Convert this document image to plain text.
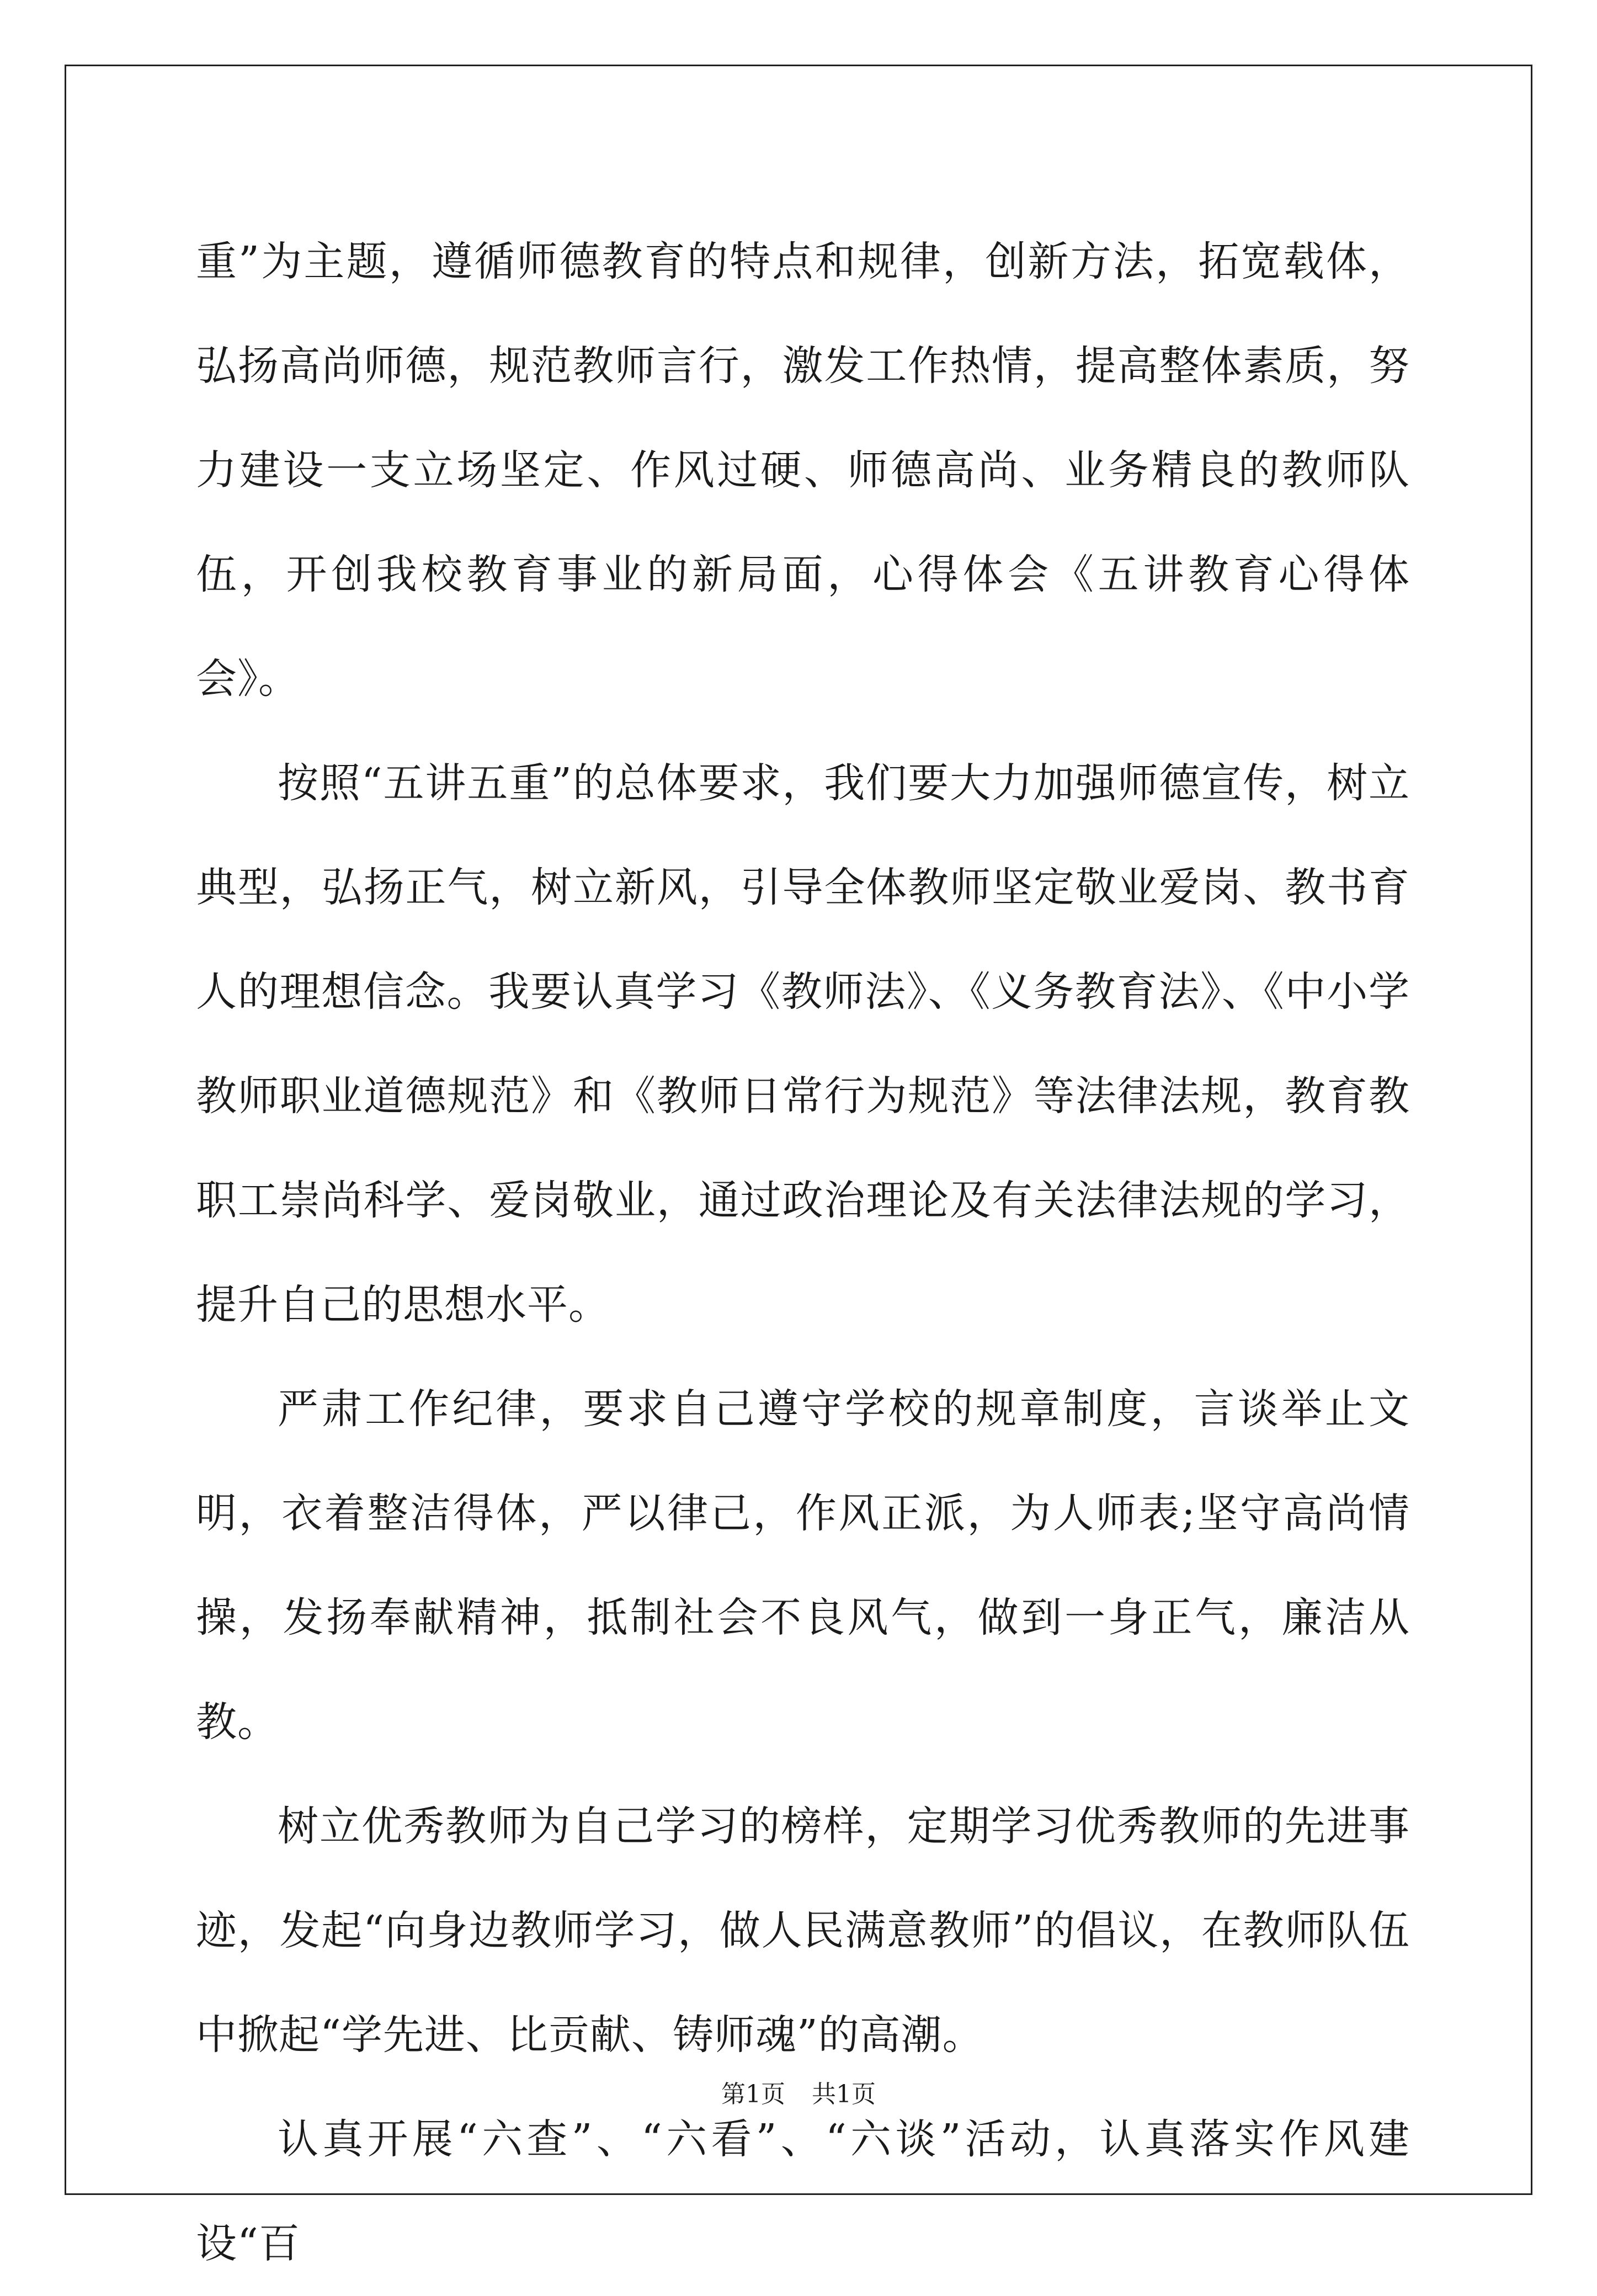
重”为主题，遵循师德教育的特点和规律，创新方法，拓宽载体，弘扬高尚师德，规范教师言行，激发工作热情，提高整体素质，努力建设一支立场坚定、作风过硬、师德高尚、业务精良的教师队伍，开创我校教育事业的新局面，心得体会《五讲教育心得体会》。

按照“五讲五重”的总体要求，我们要大力加强师德宣传，树立典型，弘扬正气，树立新风，引导全体教师坚定敬业爱岗、教书育人的理想信念。我要认真学习《教师法》、《义务教育法》、《中小学教师职业道德规范》和《教师日常行为规范》等法律法规，教育教职工崇尚科学、爱岗敬业，通过政治理论及有关法律法规的学习，提升自己的思想水平。

严肃工作纪律，要求自己遵守学校的规章制度，言谈举止文明，衣着整洁得体，严以律己，作风正派，为人师表;坚守高尚情操，发扬奉献精神，抵制社会不良风气，做到一身正气，廉洁从教。

树立优秀教师为自己学习的榜样，定期学习优秀教师的先进事迹，发起“向身边教师学习，做人民满意教师”的倡议，在教师队伍中掀起“学先进、比贡献、铸师魂”的高潮。

认真开展“六查”、“六看”、“六谈”活动，认真落实作风建设“百

第1页 共1页
